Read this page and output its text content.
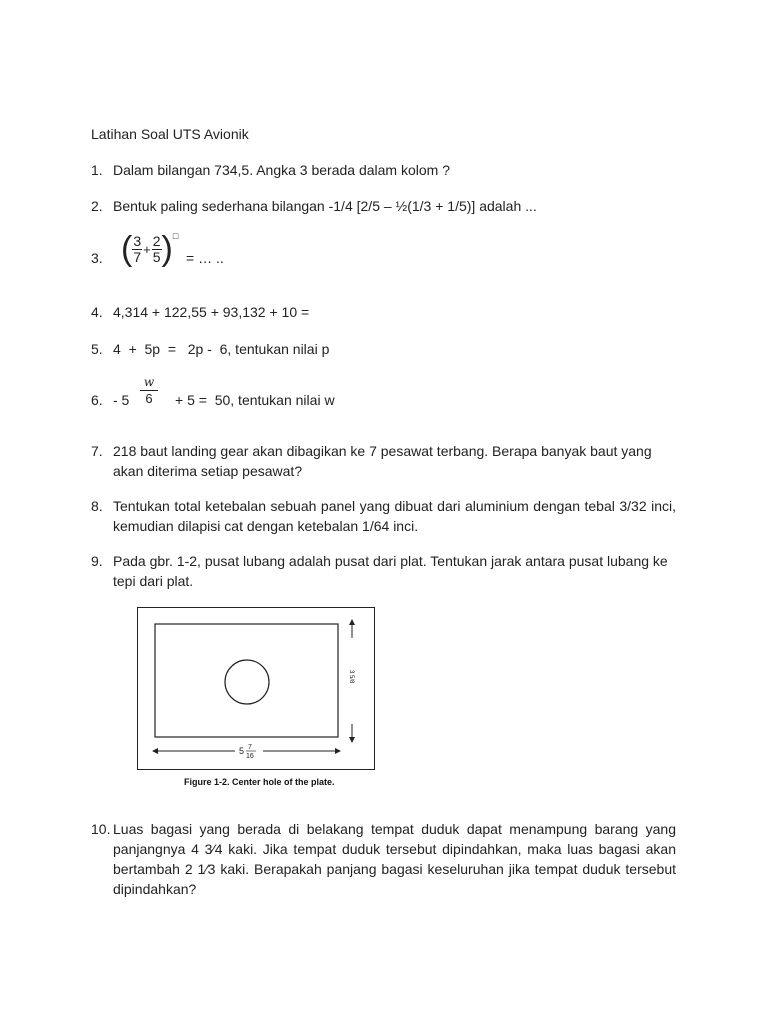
Latihan Soal UTS Avionik
1. Dalam bilangan 734,5. Angka 3 berada dalam kolom ?
2. Bentuk paling sederhana bilangan -1/4 [2/5 – ½(1/3 + 1/5)] adalah ...
3. ( $\frac{3}{7} + \frac{2}{5}$ ) □
= … ..
4. 4,314 + 122,55 + 93,132 + 10 =
5. 4  +  5p  =   2p -  6, tentukan nilai p
6. - $5 \frac{w}{6} + 5 = 50$, tentukan nilai w
7. 218 baut landing gear akan dibagikan ke 7 pesawat terbang. Berapa banyak baut yang akan diterima setiap pesawat?
8. Tentukan total ketebalan sebuah panel yang dibuat dari aluminium dengan tebal 3/32 inci, kemudian dilapisi cat dengan ketebalan 1/64 inci.
9. Pada gbr. 1-2, pusat lubang adalah pusat dari plat. Tentukan jarak antara pusat lubang ke tepi dari plat.
5 7
16
3 5/8
Figure 1-2. Center hole of the plate.
10. Luas bagasi yang berada di belakang tempat duduk dapat menampung barang yang panjangnya 4 3⁄4 kaki. Jika tempat duduk tersebut dipindahkan, maka luas bagasi akan bertambah 2 1⁄3 kaki. Berapakah panjang bagasi keseluruhan jika tempat duduk tersebut dipindahkan?
